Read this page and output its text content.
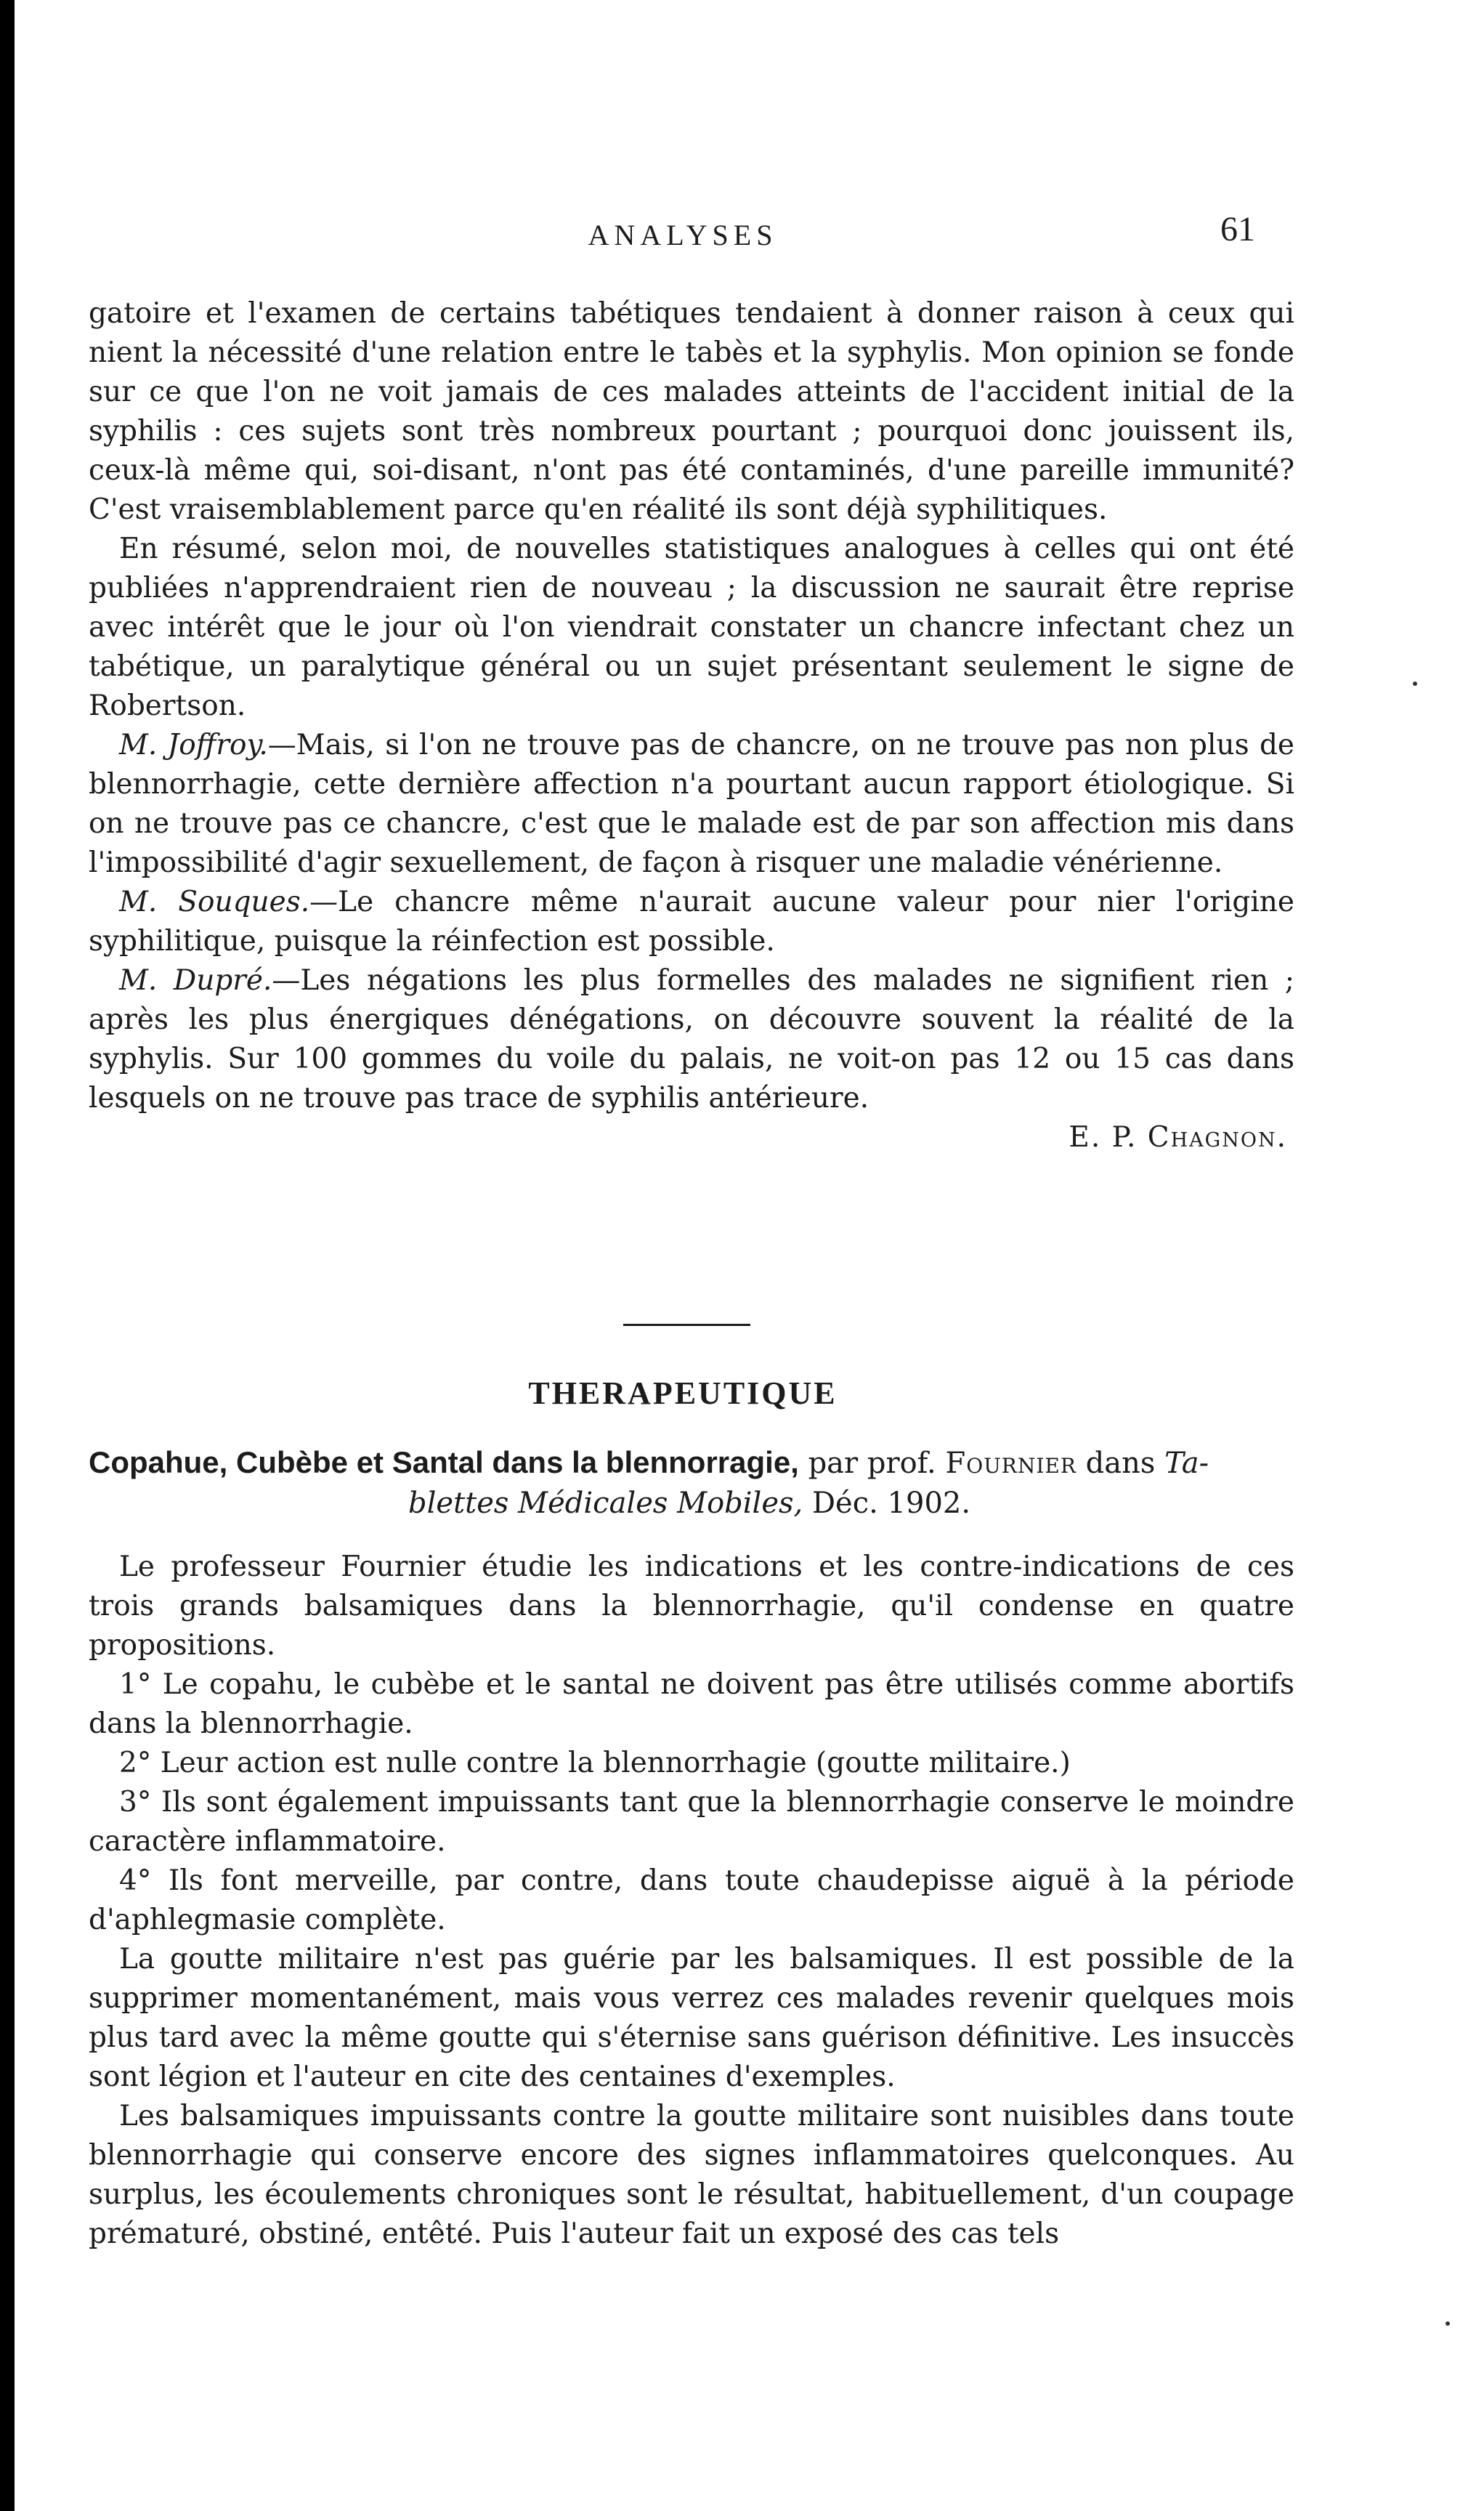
ANALYSES	61

gatoire et l'examen de certains tabétiques tendaient à donner raison à ceux qui nient la nécessité d'une relation entre le tabès et la syphylis. Mon opinion se fonde sur ce que l'on ne voit jamais de ces malades atteints de l'accident initial de la syphilis : ces sujets sont très nombreux pourtant ; pourquoi donc jouissent ils, ceux-là même qui, soi-disant, n'ont pas été contaminés, d'une pareille immunité? C'est vraisemblablement parce qu'en réalité ils sont déjà syphilitiques.

En résumé, selon moi, de nouvelles statistiques analogues à celles qui ont été publiées n'apprendraient rien de nouveau ; la discussion ne saurait être reprise avec intérêt que le jour où l'on viendrait constater un chancre infectant chez un tabétique, un paralytique général ou un sujet présentant seulement le signe de Robertson.

M. Joffroy.—Mais, si l'on ne trouve pas de chancre, on ne trouve pas non plus de blennorrhagie, cette dernière affection n'a pourtant aucun rapport étiologique. Si on ne trouve pas ce chancre, c'est que le malade est de par son affection mis dans l'impossibilité d'agir sexuellement, de façon à risquer une maladie vénérienne.

M. Souques.—Le chancre même n'aurait aucune valeur pour nier l'origine syphilitique, puisque la réinfection est possible.

M. Dupré.—Les négations les plus formelles des malades ne signifient rien ; après les plus énergiques dénégations, on découvre souvent la réalité de la syphylis. Sur 100 gommes du voile du palais, ne voit-on pas 12 ou 15 cas dans lesquels on ne trouve pas trace de syphilis antérieure.

E. P. Chagnon.

THERAPEUTIQUE
Copahue, Cubèbe et Santal dans la blennorragie, par prof. Fournier dans Ta-
blettes Médicales Mobiles, Déc. 1902.

Le professeur Fournier étudie les indications et les contre-indications de ces trois grands balsamiques dans la blennorrhagie, qu'il condense en quatre propositions.

1° Le copahu, le cubèbe et le santal ne doivent pas être utilisés comme abortifs dans la blennorrhagie.

2° Leur action est nulle contre la blennorrhagie (goutte militaire.)

3° Ils sont également impuissants tant que la blennorrhagie conserve le moindre caractère inflammatoire.

4° Ils font merveille, par contre, dans toute chaudepisse aiguë à la période d'aphlegmasie complète.

La goutte militaire n'est pas guérie par les balsamiques. Il est possible de la supprimer momentanément, mais vous verrez ces malades revenir quelques mois plus tard avec la même goutte qui s'éternise sans guérison définitive. Les insuccès sont légion et l'auteur en cite des centaines d'exemples.

Les balsamiques impuissants contre la goutte militaire sont nuisibles dans toute blennorrhagie qui conserve encore des signes inflammatoires quelconques. Au surplus, les écoulements chroniques sont le résultat, habituellement, d'un coupage prématuré, obstiné, entêté. Puis l'auteur fait un exposé des cas tels
